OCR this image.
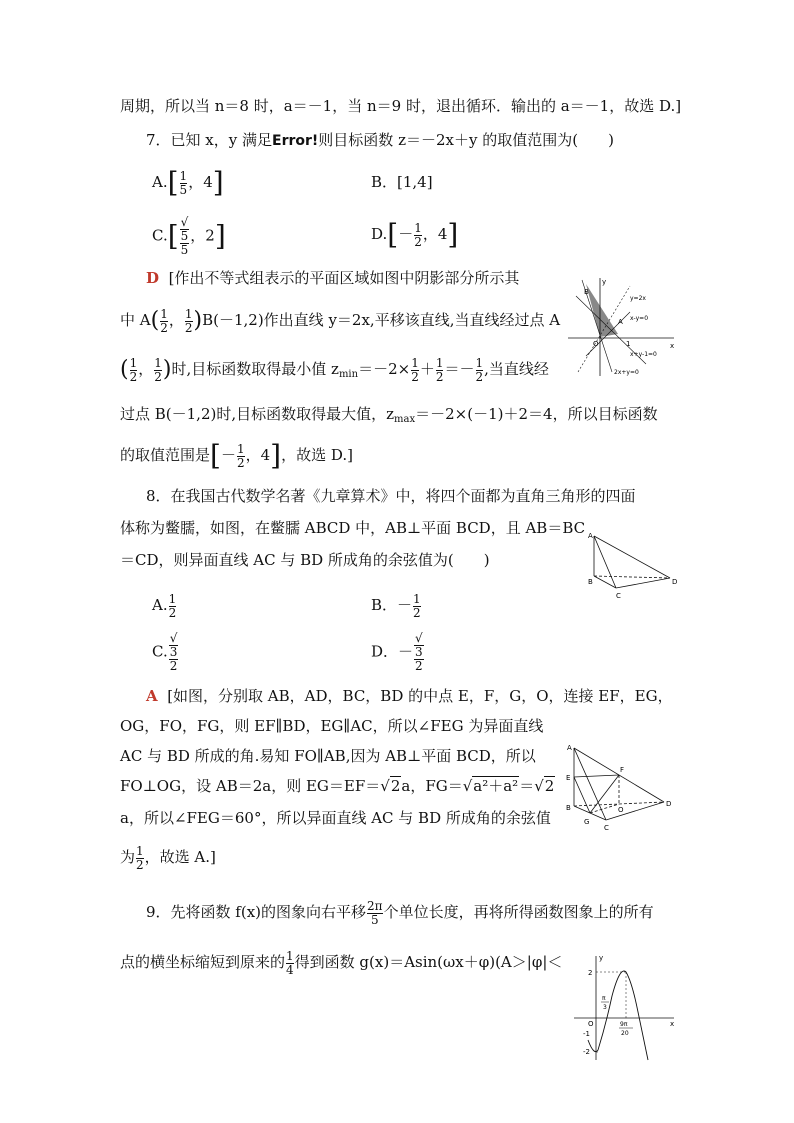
周期，所以当 n＝8 时，a＝－1，当 n＝9 时，退出循环．输出的 a＝－1，故选 D.]
7．已知 x，y 满足Error!则目标函数 z＝－2x＋y 的取值范围为(　　)
$A.[ \frac{1}{5}$ ，4]	B．[1,4]
C.[ √
5
5 ，2]	$D.[- \frac{1}{2}$ ，4]
D [作出不等式组表示的平面区域如图中阴影部分所示其
中 $A( \frac{1}{2}$ ， $\frac{1}{2} )B(-1,2)$作出直线 y＝2x,平移该直线,当直线经过点 A
( $\frac{1}{2}$ ， $\frac{1}{2}$ )时,目标函数取得最小值 $z_{min}=-2\times \frac{1}{2} + \frac{1}{2} =- \frac{1}{2}$ ,当直线经
过点 B(－1,2)时,目标函数取得最大值，$z_{max}=-2\times(-1)+2=4$，所以目标函数
的取值范围是[－ $\frac{1}{2}$ ，4]，故选 D.]
y
x
B
A
O	1
y=2x
x-y=0
x+y-1=0
2x+y=0
8．在我国古代数学名著《九章算术》中，将四个面都为直角三角形的四面
体称为鳖臑，如图，在鳖臑 ABCD 中，AB⊥平面 BCD，且 AB＝BC
＝CD，则异面直线 AC 与 BD 所成角的余弦值为(　　)
A
B
C
D
A. $\frac{1}{2}$	B．－ $\frac{1}{2}$
C. √
3
2	D．－ √
3
2
A [如图，分别取 AB，AD，BC，BD 的中点 E，F，G，O，连接 EF，EG，
OG，FO，FG，则 EF∥BD，EG∥AC，所以∠FEG 为异面直线
AC 与 BD 所成的角.易知 FO∥AB,因为 AB⊥平面 BCD，所以
FO⊥OG，设 AB＝2a，则 EG＝EF＝√2a，FG＝√a²＋a²＝√2
a，所以∠FEG＝60°，所以异面直线 AC 与 BD 所成角的余弦值
为 $\frac{1}{2}$ ，故选 A.]
A
E
F
B
G
O
C
D
9．先将函数 f(x)的图象向右平移 $\frac{2\pi}{5}$ 个单位长度，再将所得函数图象上的所有
点的横坐标缩短到原来的 $\frac{1}{4}$ 得到函数 g(x)＝Asin(ωx＋φ)(A＞|φ|＜	y
x
2
O
-1
-2
π
3
9π
20
